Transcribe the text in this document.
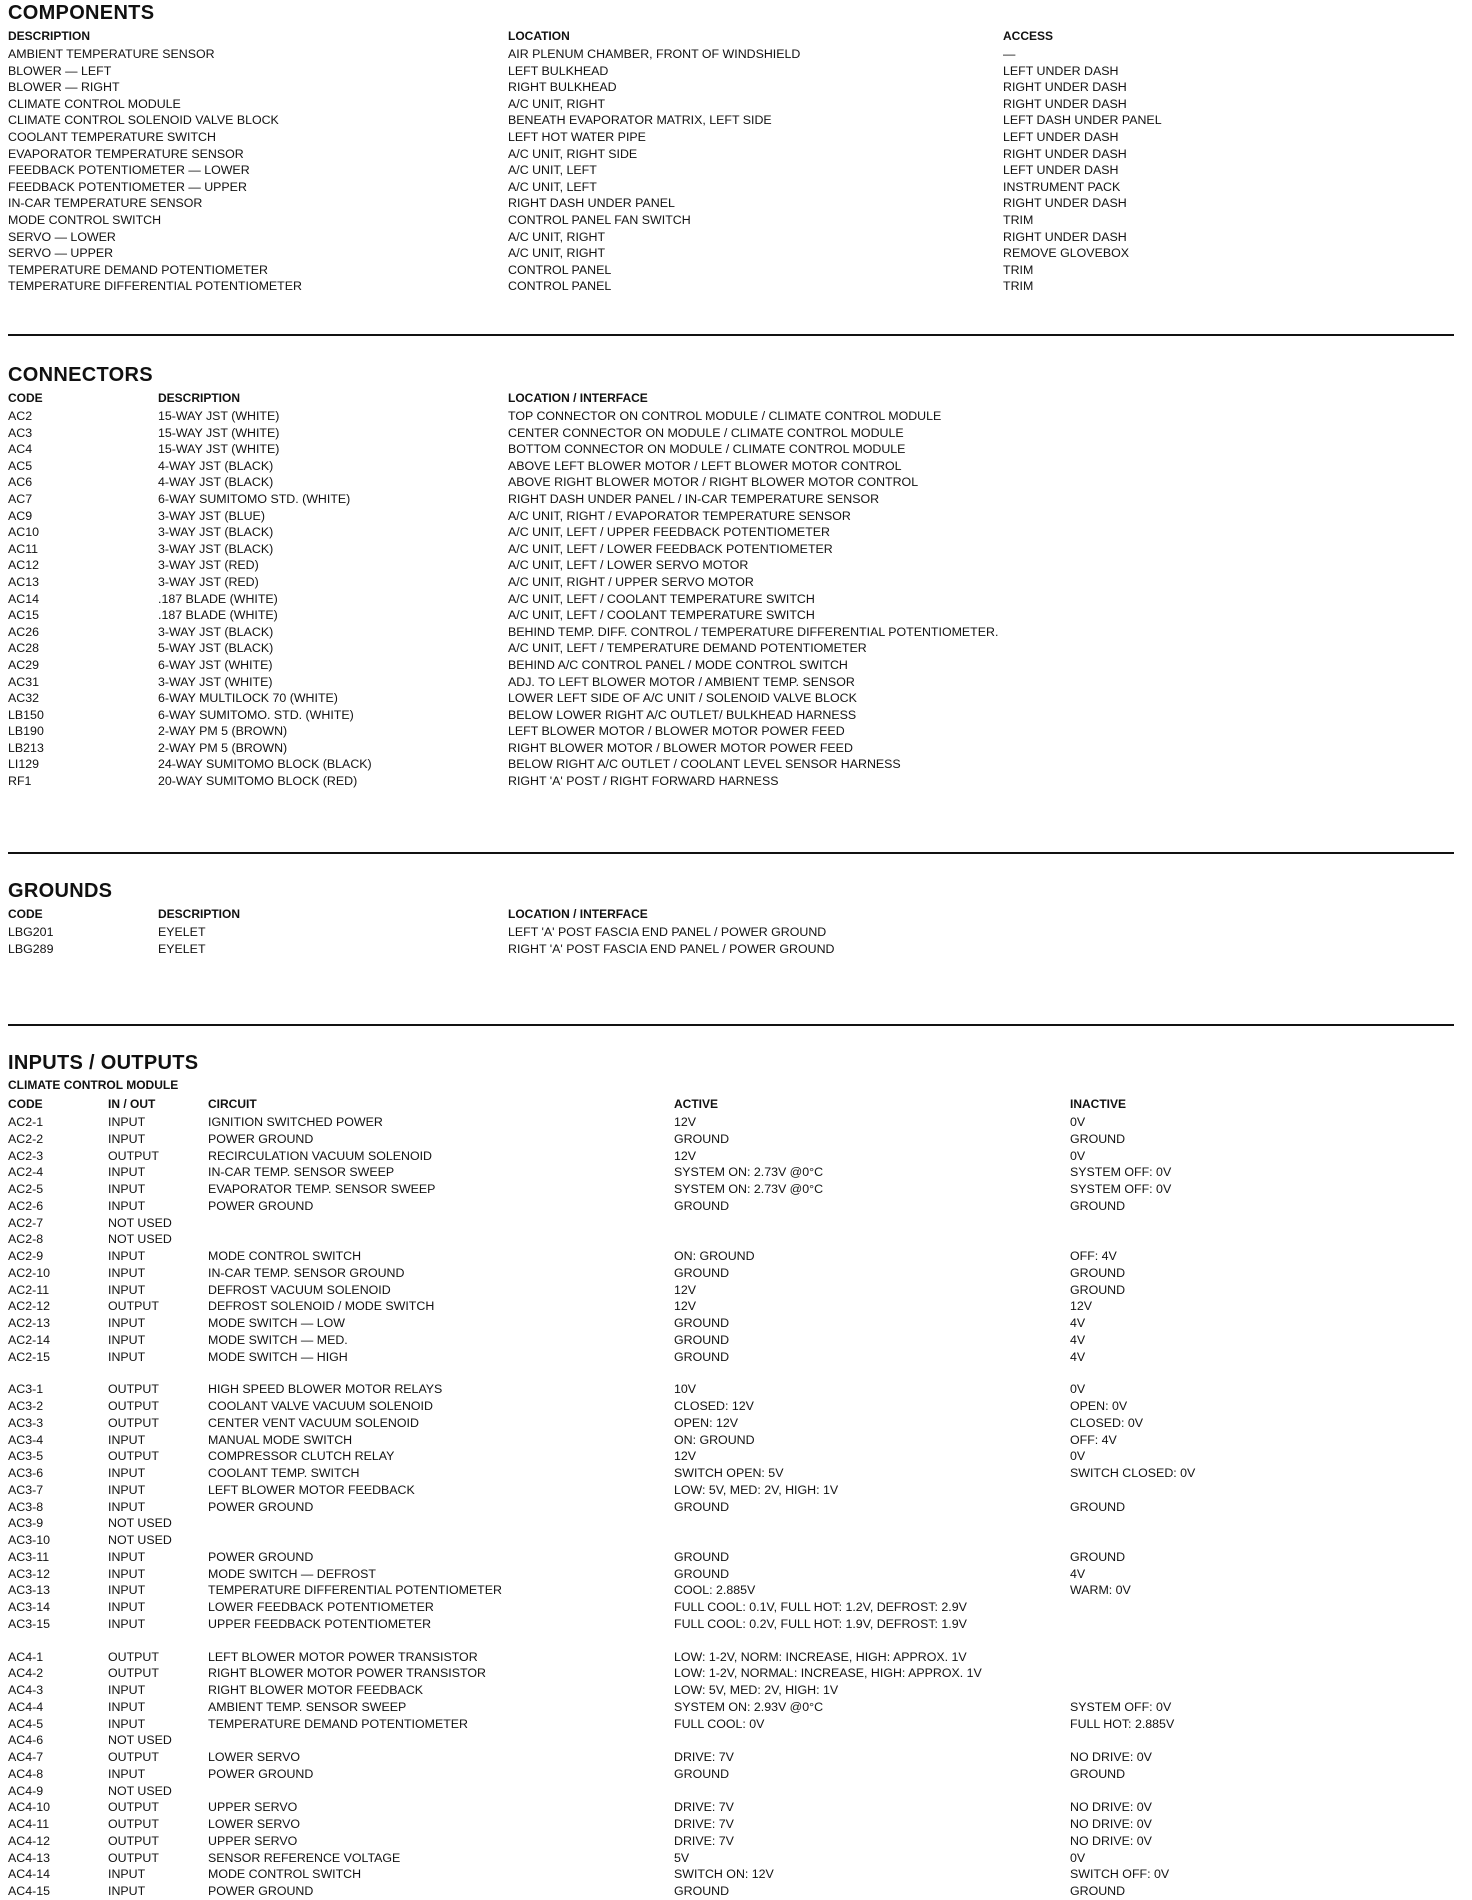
COMPONENTS
DESCRIPTION	LOCATION	ACCESS
AMBIENT TEMPERATURE SENSOR	AIR PLENUM CHAMBER, FRONT OF WINDSHIELD	—
BLOWER — LEFT	LEFT BULKHEAD	LEFT UNDER DASH
BLOWER — RIGHT	RIGHT BULKHEAD	RIGHT UNDER DASH
CLIMATE CONTROL MODULE	A/C UNIT, RIGHT	RIGHT UNDER DASH
CLIMATE CONTROL SOLENOID VALVE BLOCK	BENEATH EVAPORATOR MATRIX, LEFT SIDE	LEFT DASH UNDER PANEL
COOLANT TEMPERATURE SWITCH	LEFT HOT WATER PIPE	LEFT UNDER DASH
EVAPORATOR TEMPERATURE SENSOR	A/C UNIT, RIGHT SIDE	RIGHT UNDER DASH
FEEDBACK POTENTIOMETER — LOWER	A/C UNIT, LEFT	LEFT UNDER DASH
FEEDBACK POTENTIOMETER — UPPER	A/C UNIT, LEFT	INSTRUMENT PACK
IN-CAR TEMPERATURE SENSOR	RIGHT DASH UNDER PANEL	RIGHT UNDER DASH
MODE CONTROL SWITCH	CONTROL PANEL FAN SWITCH	TRIM
SERVO — LOWER	A/C UNIT, RIGHT	RIGHT UNDER DASH
SERVO — UPPER	A/C UNIT, RIGHT	REMOVE GLOVEBOX
TEMPERATURE DEMAND POTENTIOMETER	CONTROL PANEL	TRIM
TEMPERATURE DIFFERENTIAL POTENTIOMETER	CONTROL PANEL	TRIM
CONNECTORS
CODE	DESCRIPTION	LOCATION / INTERFACE
AC2	15-WAY JST (WHITE)	TOP CONNECTOR ON CONTROL MODULE / CLIMATE CONTROL MODULE
AC3	15-WAY JST (WHITE)	CENTER CONNECTOR ON MODULE / CLIMATE CONTROL MODULE
AC4	15-WAY JST (WHITE)	BOTTOM CONNECTOR ON MODULE / CLIMATE CONTROL MODULE
AC5	4-WAY JST (BLACK)	ABOVE LEFT BLOWER MOTOR / LEFT BLOWER MOTOR CONTROL
AC6	4-WAY JST (BLACK)	ABOVE RIGHT BLOWER MOTOR / RIGHT BLOWER MOTOR CONTROL
AC7	6-WAY SUMITOMO STD. (WHITE)	RIGHT DASH UNDER PANEL / IN-CAR TEMPERATURE SENSOR
AC9	3-WAY JST (BLUE)	A/C UNIT, RIGHT / EVAPORATOR TEMPERATURE SENSOR
AC10	3-WAY JST (BLACK)	A/C UNIT, LEFT / UPPER FEEDBACK POTENTIOMETER
AC11	3-WAY JST (BLACK)	A/C UNIT, LEFT / LOWER FEEDBACK POTENTIOMETER
AC12	3-WAY JST (RED)	A/C UNIT, LEFT / LOWER SERVO MOTOR
AC13	3-WAY JST (RED)	A/C UNIT, RIGHT / UPPER SERVO MOTOR
AC14	.187 BLADE (WHITE)	A/C UNIT, LEFT / COOLANT TEMPERATURE SWITCH
AC15	.187 BLADE (WHITE)	A/C UNIT, LEFT / COOLANT TEMPERATURE SWITCH
AC26	3-WAY JST (BLACK)	BEHIND TEMP. DIFF. CONTROL / TEMPERATURE DIFFERENTIAL POTENTIOMETER.
AC28	5-WAY JST (BLACK)	A/C UNIT, LEFT / TEMPERATURE DEMAND POTENTIOMETER
AC29	6-WAY JST (WHITE)	BEHIND A/C CONTROL PANEL / MODE CONTROL SWITCH
AC31	3-WAY JST (WHITE)	ADJ. TO LEFT BLOWER MOTOR / AMBIENT TEMP. SENSOR
AC32	6-WAY MULTILOCK 70 (WHITE)	LOWER LEFT SIDE OF A/C UNIT / SOLENOID VALVE BLOCK
LB150	6-WAY SUMITOMO. STD. (WHITE)	BELOW LOWER RIGHT A/C OUTLET/ BULKHEAD HARNESS
LB190	2-WAY PM 5 (BROWN)	LEFT BLOWER MOTOR / BLOWER MOTOR POWER FEED
LB213	2-WAY PM 5 (BROWN)	RIGHT BLOWER MOTOR / BLOWER MOTOR POWER FEED
LI129	24-WAY SUMITOMO BLOCK (BLACK)	BELOW RIGHT A/C OUTLET / COOLANT LEVEL SENSOR HARNESS
RF1	20-WAY SUMITOMO BLOCK (RED)	RIGHT 'A' POST / RIGHT FORWARD HARNESS
GROUNDS
CODE	DESCRIPTION	LOCATION / INTERFACE
LBG201	EYELET	LEFT 'A' POST FASCIA END PANEL / POWER GROUND
LBG289	EYELET	RIGHT 'A' POST FASCIA END PANEL / POWER GROUND
INPUTS / OUTPUTS
CLIMATE CONTROL MODULE
CODE	IN / OUT	CIRCUIT	ACTIVE	INACTIVE
AC2-1	INPUT	IGNITION SWITCHED POWER	12V	0V
AC2-2	INPUT	POWER GROUND	GROUND	GROUND
AC2-3	OUTPUT	RECIRCULATION VACUUM SOLENOID	12V	0V
AC2-4	INPUT	IN-CAR TEMP. SENSOR SWEEP	SYSTEM ON: 2.73V @0°C	SYSTEM OFF: 0V
AC2-5	INPUT	EVAPORATOR TEMP. SENSOR SWEEP	SYSTEM ON: 2.73V @0°C	SYSTEM OFF: 0V
AC2-6	INPUT	POWER GROUND	GROUND	GROUND
AC2-7	NOT USED
AC2-8	NOT USED
AC2-9	INPUT	MODE CONTROL SWITCH	ON: GROUND	OFF: 4V
AC2-10	INPUT	IN-CAR TEMP. SENSOR GROUND	GROUND	GROUND
AC2-11	INPUT	DEFROST VACUUM SOLENOID	12V	GROUND
AC2-12	OUTPUT	DEFROST SOLENOID / MODE SWITCH	12V	12V
AC2-13	INPUT	MODE SWITCH — LOW	GROUND	4V
AC2-14	INPUT	MODE SWITCH — MED.	GROUND	4V
AC2-15	INPUT	MODE SWITCH — HIGH	GROUND	4V
AC3-1	OUTPUT	HIGH SPEED BLOWER MOTOR RELAYS	10V	0V
AC3-2	OUTPUT	COOLANT VALVE VACUUM SOLENOID	CLOSED: 12V	OPEN: 0V
AC3-3	OUTPUT	CENTER VENT VACUUM SOLENOID	OPEN: 12V	CLOSED: 0V
AC3-4	INPUT	MANUAL MODE SWITCH	ON: GROUND	OFF: 4V
AC3-5	OUTPUT	COMPRESSOR CLUTCH RELAY	12V	0V
AC3-6	INPUT	COOLANT TEMP. SWITCH	SWITCH OPEN: 5V	SWITCH CLOSED: 0V
AC3-7	INPUT	LEFT BLOWER MOTOR FEEDBACK	LOW: 5V, MED: 2V, HIGH: 1V
AC3-8	INPUT	POWER GROUND	GROUND	GROUND
AC3-9	NOT USED
AC3-10	NOT USED
AC3-11	INPUT	POWER GROUND	GROUND	GROUND
AC3-12	INPUT	MODE SWITCH — DEFROST	GROUND	4V
AC3-13	INPUT	TEMPERATURE DIFFERENTIAL POTENTIOMETER	COOL: 2.885V	WARM: 0V
AC3-14	INPUT	LOWER FEEDBACK POTENTIOMETER	FULL COOL: 0.1V, FULL HOT: 1.2V, DEFROST: 2.9V
AC3-15	INPUT	UPPER FEEDBACK POTENTIOMETER	FULL COOL: 0.2V, FULL HOT: 1.9V, DEFROST: 1.9V
AC4-1	OUTPUT	LEFT BLOWER MOTOR POWER TRANSISTOR	LOW: 1-2V, NORM: INCREASE, HIGH: APPROX. 1V
AC4-2	OUTPUT	RIGHT BLOWER MOTOR POWER TRANSISTOR	LOW: 1-2V, NORMAL: INCREASE, HIGH: APPROX. 1V
AC4-3	INPUT	RIGHT BLOWER MOTOR FEEDBACK	LOW: 5V, MED: 2V, HIGH: 1V
AC4-4	INPUT	AMBIENT TEMP. SENSOR SWEEP	SYSTEM ON: 2.93V @0°C	SYSTEM OFF: 0V
AC4-5	INPUT	TEMPERATURE DEMAND POTENTIOMETER	FULL COOL: 0V	FULL HOT: 2.885V
AC4-6	NOT USED
AC4-7	OUTPUT	LOWER SERVO	DRIVE: 7V	NO DRIVE: 0V
AC4-8	INPUT	POWER GROUND	GROUND	GROUND
AC4-9	NOT USED
AC4-10	OUTPUT	UPPER SERVO	DRIVE: 7V	NO DRIVE: 0V
AC4-11	OUTPUT	LOWER SERVO	DRIVE: 7V	NO DRIVE: 0V
AC4-12	OUTPUT	UPPER SERVO	DRIVE: 7V	NO DRIVE: 0V
AC4-13	OUTPUT	SENSOR REFERENCE VOLTAGE	5V	0V
AC4-14	INPUT	MODE CONTROL SWITCH	SWITCH ON: 12V	SWITCH OFF: 0V
AC4-15	INPUT	POWER GROUND	GROUND	GROUND
